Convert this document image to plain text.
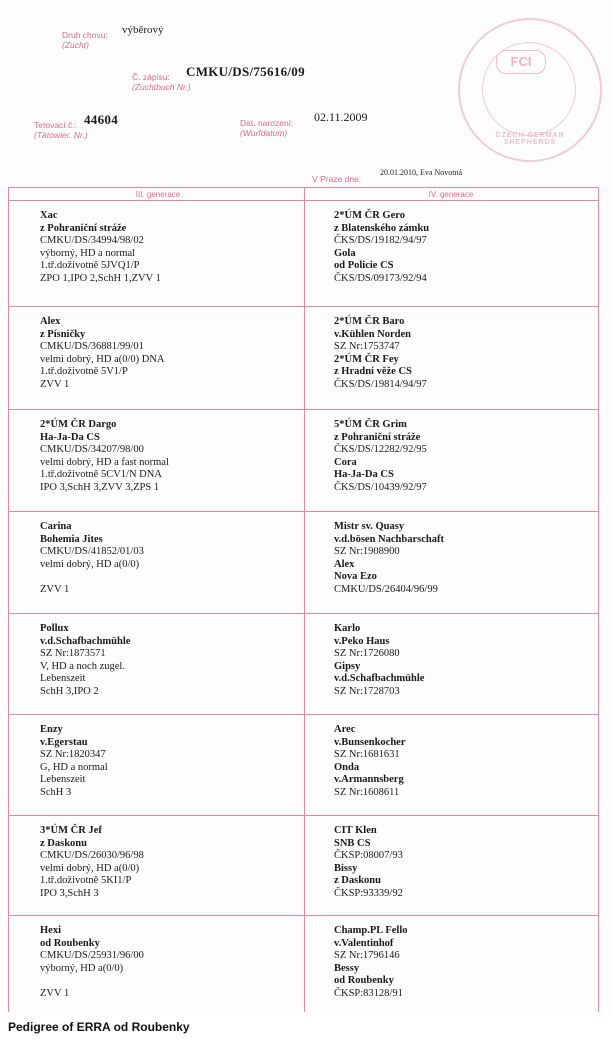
Druh chovu:
(Zucht)
výběrový
Č. zápisu:
(Zuchtbuch Nr.)
CMKU/DS/75616/09
Tetovací č.:
(Tätowier. Nr.)
44604	Dat. narození:
(Wurfdatum)
02.11.2009
V Praze dne:
20.01.2010, Eva Novotná
FCI
CZECH GERMAN SHEPHERDS
III. generace	IV. generace
Xac
z Pohraniční stráže
CMKU/DS/34994/98/02
výborný, HD a normal
1.tř.doživotně 5JVQ1/P
ZPO 1,IPO 2,SchH 1,ZVV 1
2*ÚM ČR Gero
z Blatenského zámku
ČKS/DS/19182/94/97
Gola
od Policie CS
ČKS/DS/09173/92/94
Alex
z Písničky
CMKU/DS/36881/99/01
velmi dobrý, HD a(0/0) DNA
1.tř.doživotně 5V1/P
ZVV 1
2*ÚM ČR Baro
v.Kühlen Norden
SZ Nr:1753747
2*ÚM ČR Fey
z Hradní věže CS
ČKS/DS/19814/94/97
2*ÚM ČR Dargo
Ha-Ja-Da CS
CMKU/DS/34207/98/00
velmi dobrý, HD a fast normal
1.tř.doživotně 5CV1/N DNA
IPO 3,SchH 3,ZVV 3,ZPS 1
5*ÚM ČR Grim
z Pohraniční stráže
ČKS/DS/12282/92/95
Cora
Ha-Ja-Da CS
ČKS/DS/10439/92/97
Carina
Bohemia Jites
CMKU/DS/41852/01/03
velmi dobrý, HD a(0/0)

ZVV 1
Mistr sv. Quasy
v.d.bösen Nachbarschaft
SZ Nr:1908900
Alex
Nova Ezo
CMKU/DS/26404/96/99
Pollux
v.d.Schafbachmühle
SZ Nr:1873571
V, HD a noch zugel.
Lebenszeit
SchH 3,IPO 2
Karlo
v.Peko Haus
SZ Nr:1726080
Gipsy
v.d.Schafbachmühle
SZ Nr:1728703
Enzy
v.Egerstau
SZ Nr:1820347
G, HD a normal
Lebenszeit
SchH 3
Arec
v.Bunsenkocher
SZ Nr:1681631
Onda
v.Armannsberg
SZ Nr:1608611
3*ÚM ČR Jef
z Daskonu
CMKU/DS/26030/96/98
velmi dobrý, HD a(0/0)
1.tř.doživotně 5KI1/P
IPO 3,SchH 3
CIT Klen
SNB CS
ČKSP:08007/93
Bissy
z Daskonu
ČKSP:93339/92
Hexi
od Roubenky
CMKU/DS/25931/96/00
výborný, HD a(0/0)

ZVV 1
Champ.PL Fello
v.Valentinhof
SZ Nr:1796146
Bessy
od Roubenky
ČKSP:83128/91
Pedigree of ERRA od Roubenky
